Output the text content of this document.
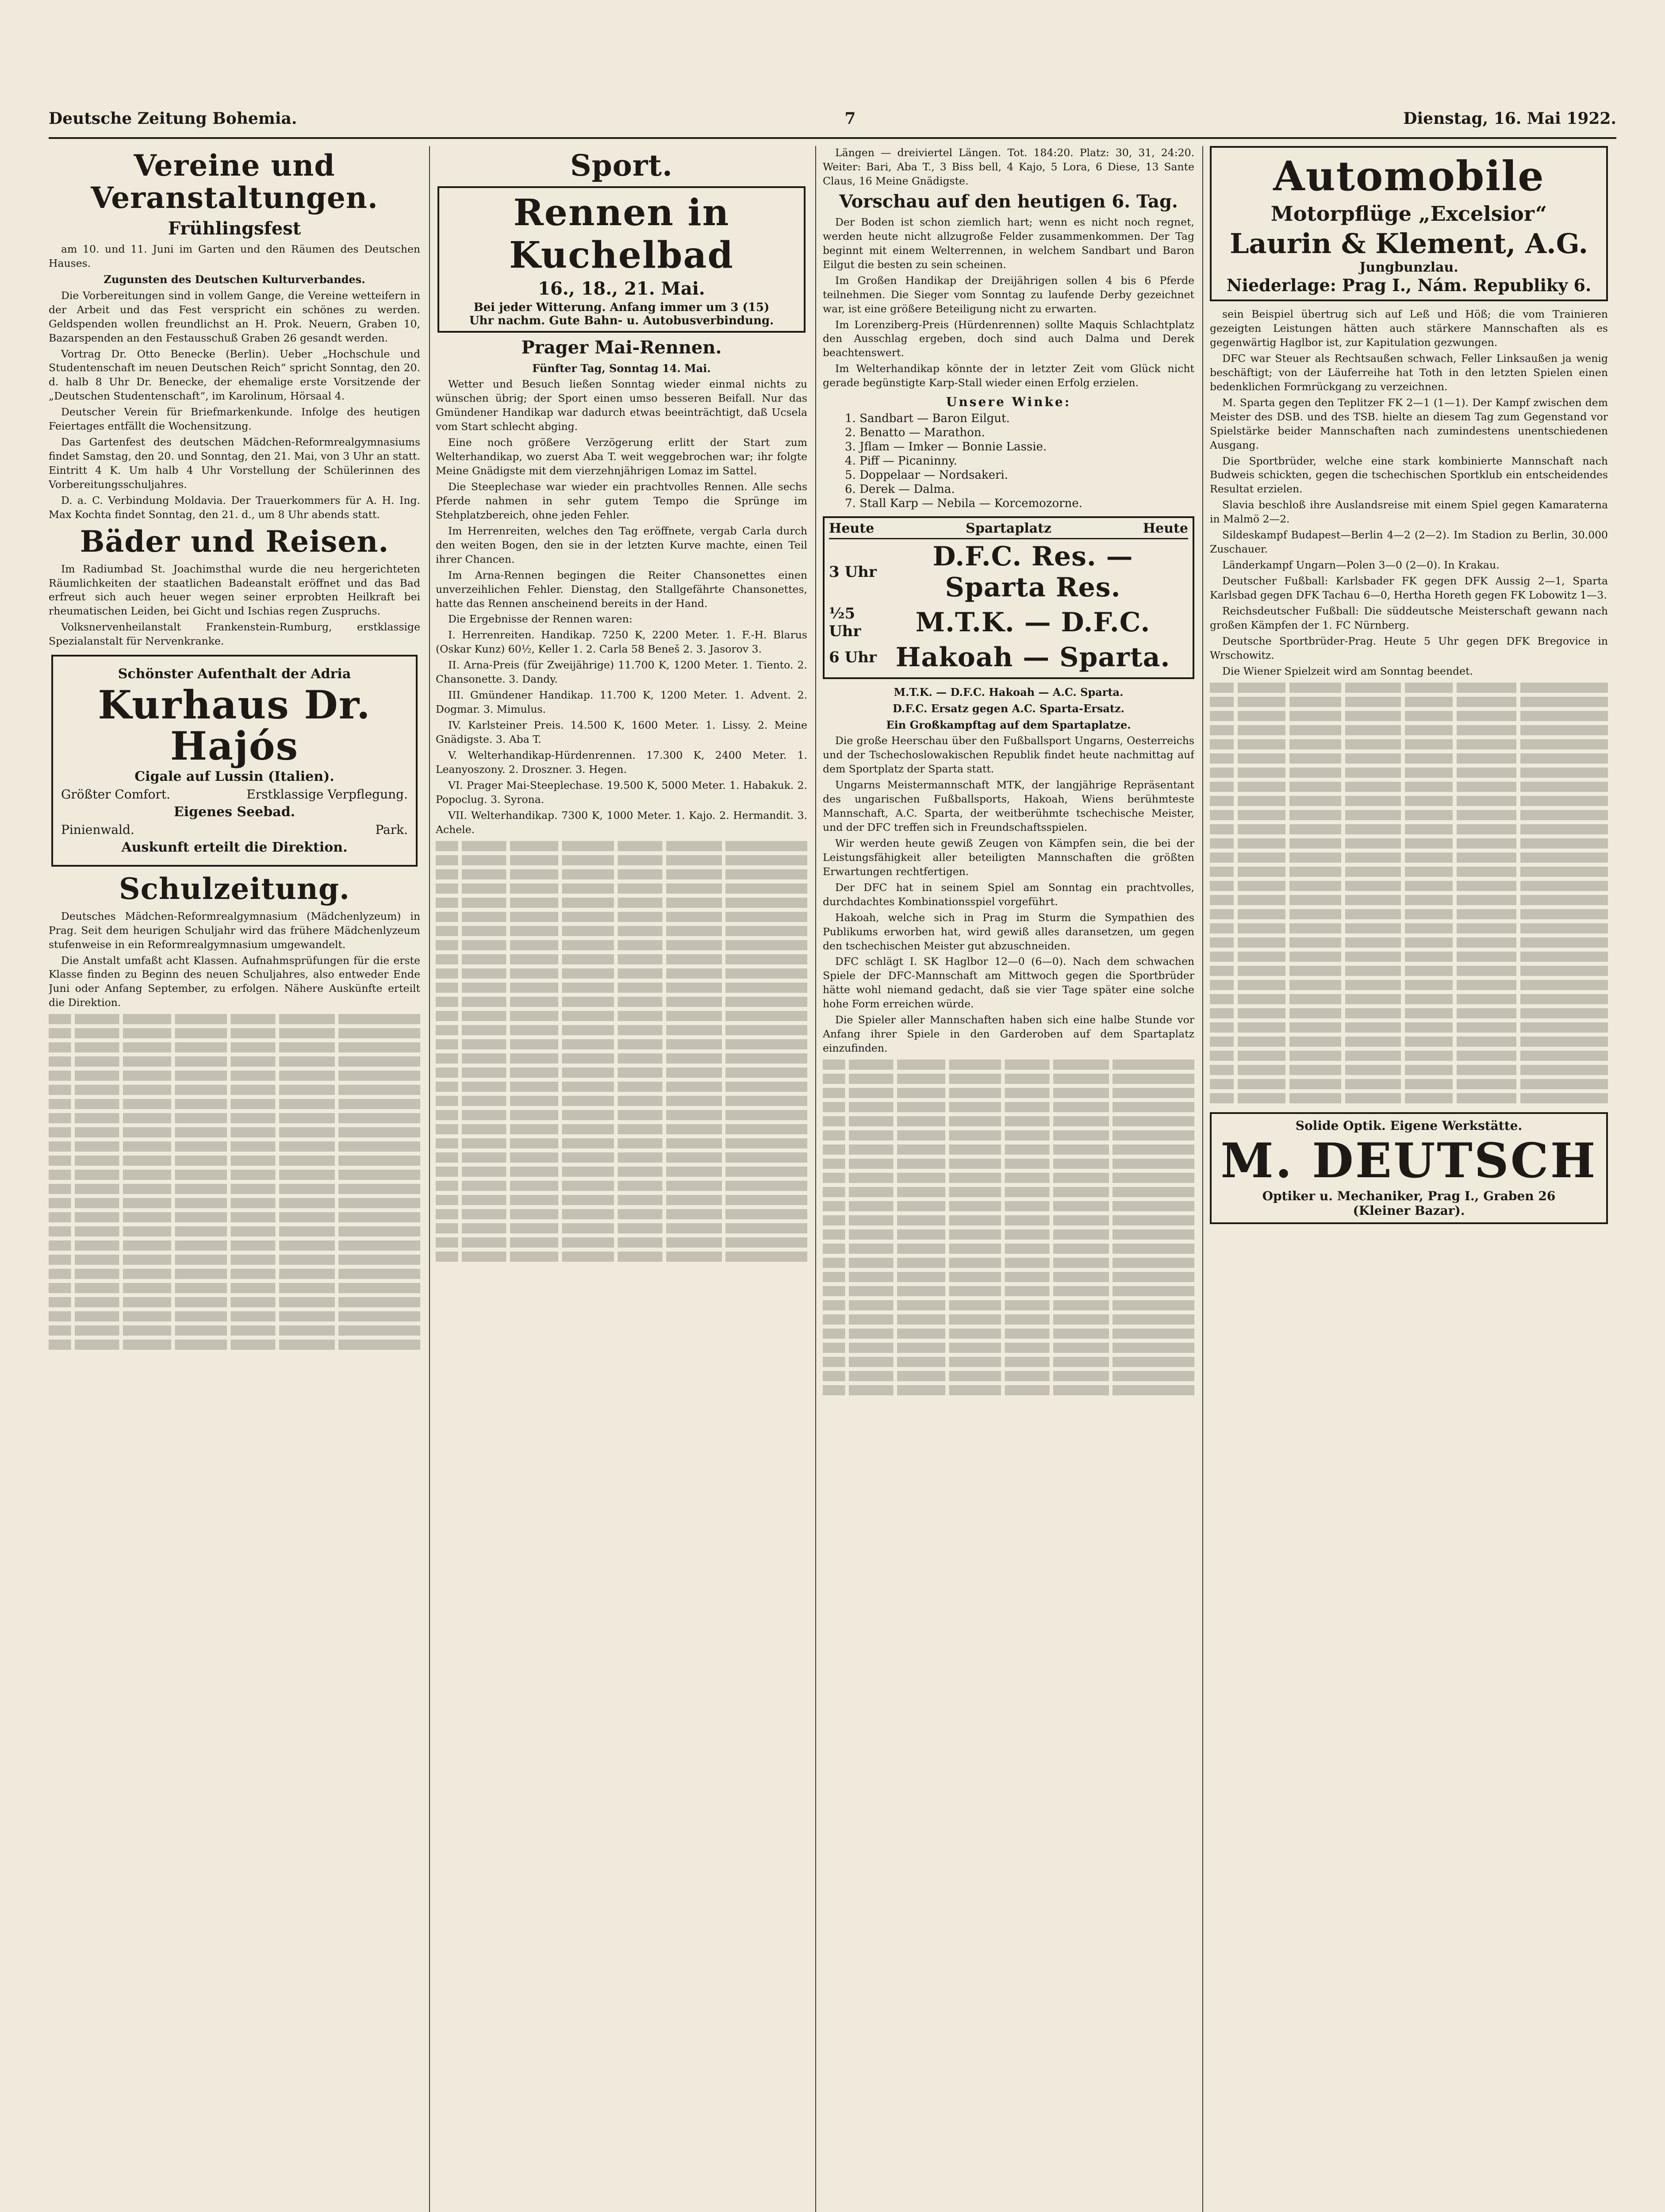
Deutsche Zeitung Bohemia.	7	Dienstag, 16. Mai 1922.
Vereine und Veranstaltungen.
Frühlingsfest

am 10. und 11. Juni im Garten und den Räumen des Deutschen Hauses.

Zugunsten des Deutschen Kulturverbandes.

Die Vorbereitungen sind in vollem Gange, die Vereine wetteifern in der Arbeit und das Fest verspricht ein schönes zu werden. Geldspenden wollen freundlichst an H. Prok. Neuern, Graben 10, Bazarspenden an den Festausschuß Graben 26 gesandt werden.

Vortrag Dr. Otto Benecke (Berlin). Ueber „Hochschule und Studentenschaft im neuen Deutschen Reich“ spricht Sonntag, den 20. d. halb 8 Uhr Dr. Benecke, der ehemalige erste Vorsitzende der „Deutschen Studentenschaft“, im Karolinum, Hörsaal 4.

Deutscher Verein für Briefmarkenkunde. Infolge des heutigen Feiertages entfällt die Wochensitzung.

Das Gartenfest des deutschen Mädchen-Reformrealgymnasiums findet Samstag, den 20. und Sonntag, den 21. Mai, von 3 Uhr an statt. Eintritt 4 K. Um halb 4 Uhr Vorstellung der Schülerinnen des Vorbereitungsschuljahres.

D. a. C. Verbindung Moldavia. Der Trauerkommers für A. H. Ing. Max Kochta findet Sonntag, den 21. d., um 8 Uhr abends statt.

Bäder und Reisen.

Im Radiumbad St. Joachimsthal wurde die neu hergerichteten Räumlichkeiten der staatlichen Badeanstalt eröffnet und das Bad erfreut sich auch heuer wegen seiner erprobten Heilkraft bei rheumatischen Leiden, bei Gicht und Ischias regen Zuspruchs.

Volksnervenheilanstalt Frankenstein-Rumburg, erstklassige Spezialanstalt für Nervenkranke.

Schönster Aufenthalt der Adria
Kurhaus Dr. Hajós
Cigale auf Lussin (Italien).
Größter Comfort.	Erstklassige Verpflegung.
Eigenes Seebad.
Pinienwald.	Park.
Auskunft erteilt die Direktion.
Schulzeitung.

Deutsches Mädchen-Reformrealgymnasium (Mädchenlyzeum) in Prag. Seit dem heurigen Schuljahr wird das frühere Mädchenlyzeum stufenweise in ein Reformrealgymnasium umgewandelt.

Die Anstalt umfaßt acht Klassen. Aufnahmsprüfungen für die erste Klasse finden zu Beginn des neuen Schuljahres, also entweder Ende Juni oder Anfang September, zu erfolgen. Nähere Auskünfte erteilt die Direktion.

Sport.
Rennen in Kuchelbad
16., 18., 21. Mai.
Bei jeder Witterung. Anfang immer um 3 (15)
Uhr nachm. Gute Bahn- u. Autobusverbindung.
Prager Mai-Rennen.

Fünfter Tag, Sonntag 14. Mai.

Wetter und Besuch ließen Sonntag wieder einmal nichts zu wünschen übrig; der Sport einen umso besseren Beifall. Nur das Gmündener Handikap war dadurch etwas beeinträchtigt, daß Ucsela vom Start schlecht abging.

Eine noch größere Verzögerung erlitt der Start zum Welterhandikap, wo zuerst Aba T. weit weggebrochen war; ihr folgte Meine Gnädigste mit dem vierzehnjährigen Lomaz im Sattel.

Die Steeplechase war wieder ein prachtvolles Rennen. Alle sechs Pferde nahmen in sehr gutem Tempo die Sprünge im Stehplatzbereich, ohne jeden Fehler.

Im Herrenreiten, welches den Tag eröffnete, vergab Carla durch den weiten Bogen, den sie in der letzten Kurve machte, einen Teil ihrer Chancen.

Im Arna-Rennen begingen die Reiter Chansonettes einen unverzeihlichen Fehler. Dienstag, den Stallgefährte Chansonettes, hatte das Rennen anscheinend bereits in der Hand.

Die Ergebnisse der Rennen waren:

I. Herrenreiten. Handikap. 7250 K, 2200 Meter. 1. F.-H. Blarus (Oskar Kunz) 60½, Keller 1. 2. Carla 58 Beneš 2. 3. Jasorov 3.

II. Arna-Preis (für Zweijährige) 11.700 K, 1200 Meter. 1. Tiento. 2. Chansonette. 3. Dandy.

III. Gmündener Handikap. 11.700 K, 1200 Meter. 1. Advent. 2. Dogmar. 3. Mimulus.

IV. Karlsteiner Preis. 14.500 K, 1600 Meter. 1. Lissy. 2. Meine Gnädigste. 3. Aba T.

V. Welterhandikap-Hürdenrennen. 17.300 K, 2400 Meter. 1. Leanyoszony. 2. Droszner. 3. Hegen.

VI. Prager Mai-Steeplechase. 19.500 K, 5000 Meter. 1. Habakuk. 2. Popoclug. 3. Syrona.

VII. Welterhandikap. 7300 K, 1000 Meter. 1. Kajo. 2. Hermandit. 3. Achele.

Längen — dreiviertel Längen. Tot. 184:20. Platz: 30, 31, 24:20. Weiter: Bari, Aba T., 3 Biss bell, 4 Kajo, 5 Lora, 6 Diese, 13 Sante Claus, 16 Meine Gnädigste.

Vorschau auf den heutigen 6. Tag.

Der Boden ist schon ziemlich hart; wenn es nicht noch regnet, werden heute nicht allzugroße Felder zusammenkommen. Der Tag beginnt mit einem Welterrennen, in welchem Sandbart und Baron Eilgut die besten zu sein scheinen.

Im Großen Handikap der Dreijährigen sollen 4 bis 6 Pferde teilnehmen. Die Sieger vom Sonntag zu laufende Derby gezeichnet war, ist eine größere Beteiligung nicht zu erwarten.

Im Lorenziberg-Preis (Hürdenrennen) sollte Maquis Schlachtplatz den Ausschlag ergeben, doch sind auch Dalma und Derek beachtenswert.

Im Welterhandikap könnte der in letzter Zeit vom Glück nicht gerade begünstigte Karp-Stall wieder einen Erfolg erzielen.

Unsere Winke:
1. Sandbart — Baron Eilgut.
2. Benatto — Marathon.
3. Jflam — Imker — Bonnie Lassie.
4. Piff — Picaninny.
5. Doppelaar — Nordsakeri.
6. Derek — Dalma.
7. Stall Karp — Nebila — Korcemozorne.
Heute	Spartaplatz	Heute
3 Uhr	D.F.C. Res. — Sparta Res.
½5 Uhr	M.T.K. — D.F.C.
6 Uhr Hakoah — Sparta.

M.T.K. — D.F.C. Hakoah — A.C. Sparta.

D.F.C. Ersatz gegen A.C. Sparta-Ersatz.

Ein Großkampftag auf dem Spartaplatze.

Die große Heerschau über den Fußballsport Ungarns, Oesterreichs und der Tschechoslowakischen Republik findet heute nachmittag auf dem Sportplatz der Sparta statt.

Ungarns Meistermannschaft MTK, der langjährige Repräsentant des ungarischen Fußballsports, Hakoah, Wiens berühmteste Mannschaft, A.C. Sparta, der weitberühmte tschechische Meister, und der DFC treffen sich in Freundschaftsspielen.

Wir werden heute gewiß Zeugen von Kämpfen sein, die bei der Leistungsfähigkeit aller beteiligten Mannschaften die größten Erwartungen rechtfertigen.

Der DFC hat in seinem Spiel am Sonntag ein prachtvolles, durchdachtes Kombinationsspiel vorgeführt.

Hakoah, welche sich in Prag im Sturm die Sympathien des Publikums erworben hat, wird gewiß alles daransetzen, um gegen den tschechischen Meister gut abzuschneiden.

DFC schlägt I. SK Haglbor 12—0 (6—0). Nach dem schwachen Spiele der DFC-Mannschaft am Mittwoch gegen die Sportbrüder hätte wohl niemand gedacht, daß sie vier Tage später eine solche hohe Form erreichen würde.

Die Spieler aller Mannschaften haben sich eine halbe Stunde vor Anfang ihrer Spiele in den Garderoben auf dem Spartaplatz einzufinden.

Automobile
Motorpflüge „Excelsior“
Laurin & Klement, A.G.
Jungbunzlau.
Niederlage: Prag I., Nám. Republiky 6.

sein Beispiel übertrug sich auf Leß und Höß; die vom Trainieren gezeigten Leistungen hätten auch stärkere Mannschaften als es gegenwärtig Haglbor ist, zur Kapitulation gezwungen.

DFC war Steuer als Rechtsaußen schwach, Feller Linksaußen ja wenig beschäftigt; von der Läuferreihe hat Toth in den letzten Spielen einen bedenklichen Formrückgang zu verzeichnen.

M. Sparta gegen den Teplitzer FK 2—1 (1—1). Der Kampf zwischen dem Meister des DSB. und des TSB. hielte an diesem Tag zum Gegenstand vor Spielstärke beider Mannschaften nach zumindestens unentschiedenen Ausgang.

Die Sportbrüder, welche eine stark kombinierte Mannschaft nach Budweis schickten, gegen die tschechischen Sportklub ein entscheidendes Resultat erzielen.

Slavia beschloß ihre Auslandsreise mit einem Spiel gegen Kamaraterna in Malmö 2—2.

Sildeskampf Budapest—Berlin 4—2 (2—2). Im Stadion zu Berlin, 30.000 Zuschauer.

Länderkampf Ungarn—Polen 3—0 (2—0). In Krakau.

Deutscher Fußball: Karlsbader FK gegen DFK Aussig 2—1, Sparta Karlsbad gegen DFK Tachau 6—0, Hertha Horeth gegen FK Lobowitz 1—3.

Reichsdeutscher Fußball: Die süddeutsche Meisterschaft gewann nach großen Kämpfen der 1. FC Nürnberg.

Deutsche Sportbrüder-Prag. Heute 5 Uhr gegen DFK Bregovice in Wrschowitz.

Die Wiener Spielzeit wird am Sonntag beendet.

Solide Optik. Eigene Werkstätte.
M. DEUTSCH
Optiker u. Mechaniker, Prag I., Graben 26
(Kleiner Bazar).
